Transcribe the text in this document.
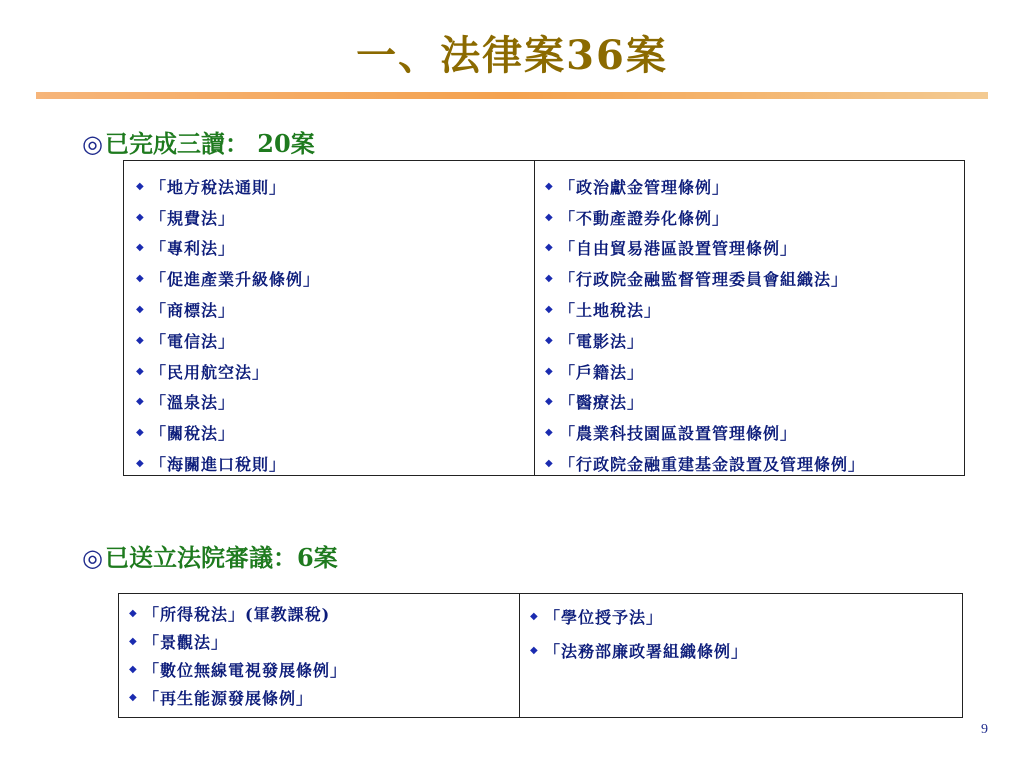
一、法律案36案
◎已完成三讀： 20案
◆ 「地方稅法通則」
◆ 「規費法」
◆ 「專利法」
◆ 「促進產業升級條例」
◆ 「商標法」
◆ 「電信法」
◆ 「民用航空法」
◆ 「溫泉法」
◆ 「關稅法」
◆ 「海關進口稅則」
◆ 「政治獻金管理條例」
◆ 「不動產證券化條例」
◆ 「自由貿易港區設置管理條例」
◆ 「行政院金融監督管理委員會組織法」
◆ 「土地稅法」
◆ 「電影法」
◆ 「戶籍法」
◆ 「醫療法」
◆ 「農業科技園區設置管理條例」
◆ 「行政院金融重建基金設置及管理條例」
◎已送立法院審議：6案
◆ 「所得稅法」(軍教課稅)
◆ 「景觀法」
◆ 「數位無線電視發展條例」
◆ 「再生能源發展條例」
◆ 「學位授予法」
◆ 「法務部廉政署組織條例」
9
